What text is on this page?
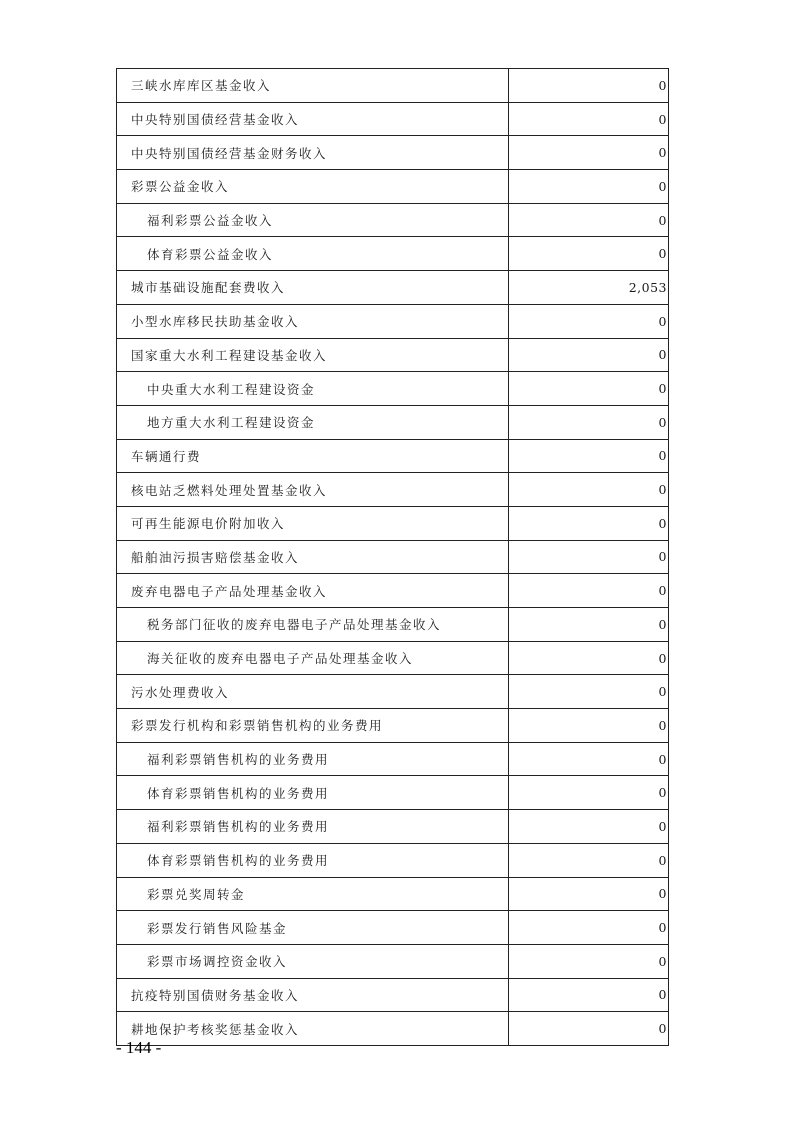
三峡水库库区基金收入	0
中央特别国债经营基金收入	0
中央特别国债经营基金财务收入	0
彩票公益金收入	0
福利彩票公益金收入	0
体育彩票公益金收入	0
城市基础设施配套费收入	2,053
小型水库移民扶助基金收入	0
国家重大水利工程建设基金收入	0
中央重大水利工程建设资金	0
地方重大水利工程建设资金	0
车辆通行费	0
核电站乏燃料处理处置基金收入	0
可再生能源电价附加收入	0
船舶油污损害赔偿基金收入	0
废弃电器电子产品处理基金收入	0
税务部门征收的废弃电器电子产品处理基金收入	0
海关征收的废弃电器电子产品处理基金收入	0
污水处理费收入	0
彩票发行机构和彩票销售机构的业务费用	0
福利彩票销售机构的业务费用	0
体育彩票销售机构的业务费用	0
福利彩票销售机构的业务费用	0
体育彩票销售机构的业务费用	0
彩票兑奖周转金	0
彩票发行销售风险基金	0
彩票市场调控资金收入	0
抗疫特别国债财务基金收入	0
耕地保护考核奖惩基金收入	0
- 144 -
